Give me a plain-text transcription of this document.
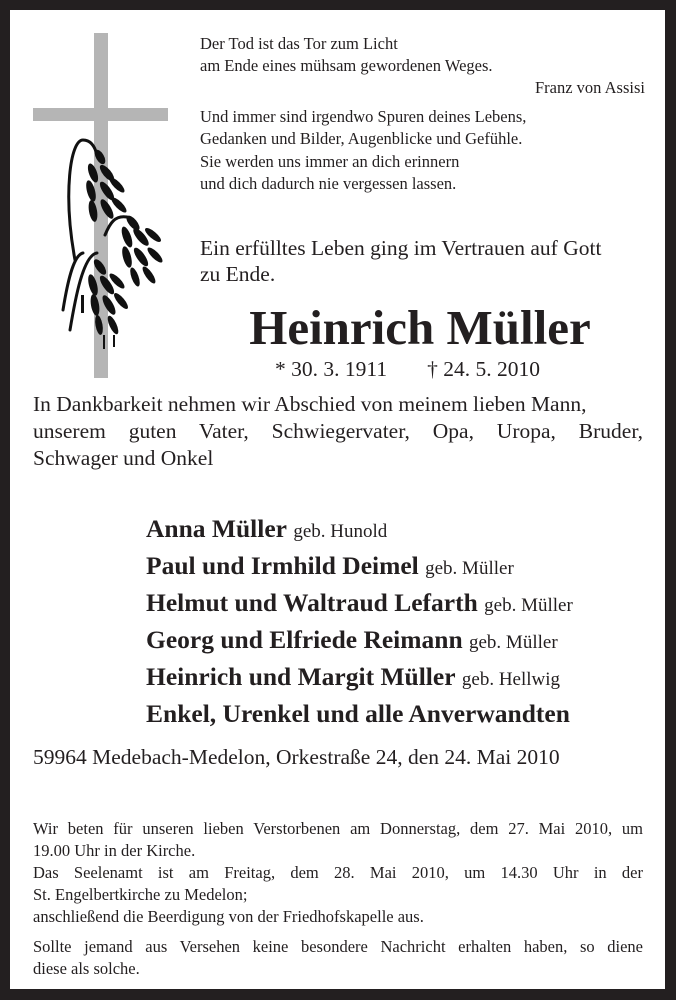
Der Tod ist das Tor zum Licht
am Ende eines mühsam gewordenen Weges.
Franz von Assisi
Und immer sind irgendwo Spuren deines Lebens,
Gedanken und Bilder, Augenblicke und Gefühle.
Sie werden uns immer an dich erinnern
und dich dadurch nie vergessen lassen.
Ein erfülltes Leben ging im Vertrauen auf Gott
zu Ende.
Heinrich Müller
* 30. 3. 1911 † 24. 5. 2010
In Dankbarkeit nehmen wir Abschied von meinem lieben Mann,
unserem guten Vater, Schwiegervater, Opa, Uropa, Bruder,
Schwager und Onkel
Anna Müller geb. Hunold
Paul und Irmhild Deimel geb. Müller
Helmut und Waltraud Lefarth geb. Müller
Georg und Elfriede Reimann geb. Müller
Heinrich und Margit Müller geb. Hellwig
Enkel, Urenkel und alle Anverwandten
59964 Medebach-Medelon, Orkestraße 24, den 24. Mai 2010
Wir beten für unseren lieben Verstorbenen am Donnerstag, dem 27. Mai 2010, um
19.00 Uhr in der Kirche.
Das Seelenamt ist am Freitag, dem 28. Mai 2010, um 14.30 Uhr in der
St. Engelbertkirche zu Medelon;
anschließend die Beerdigung von der Friedhofskapelle aus.
Sollte jemand aus Versehen keine besondere Nachricht erhalten haben, so diene
diese als solche.
